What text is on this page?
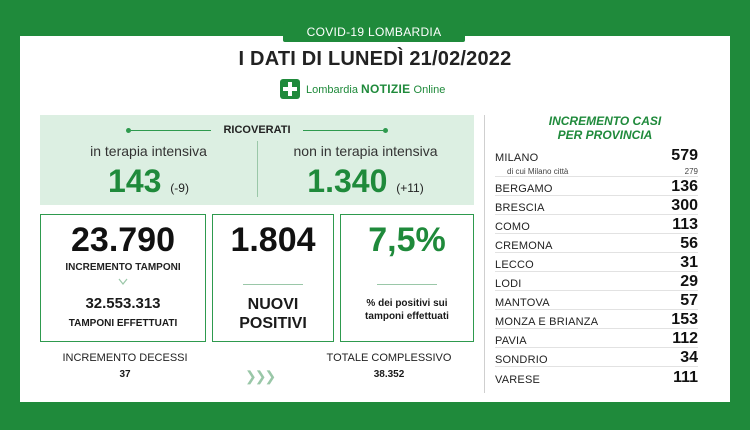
COVID-19 LOMBARDIA
I DATI DI LUNEDÌ 21/02/2022
Lombardia NOTIZIE Online
RICOVERATI
in terapia intensiva
143 (-9)
non in terapia intensiva
1.340 (+11)
23.790
INCREMENTO TAMPONI
32.553.313
TAMPONI EFFETTUATI
1.804
NUOVI
POSITIVI
7,5%
% dei positivi sui
tamponi effettuati
INCREMENTO DECESSI
37	❯❯❯
TOTALE COMPLESSIVO
38.352
INCREMENTO CASI
PER PROVINCIA
MILANO	579
di cui Milano città	279
BERGAMO	136
BRESCIA	300
COMO	113
CREMONA	56
LECCO	31
LODI	29
MANTOVA	57
MONZA E BRIANZA	153
PAVIA	112
SONDRIO	34
VARESE	111
